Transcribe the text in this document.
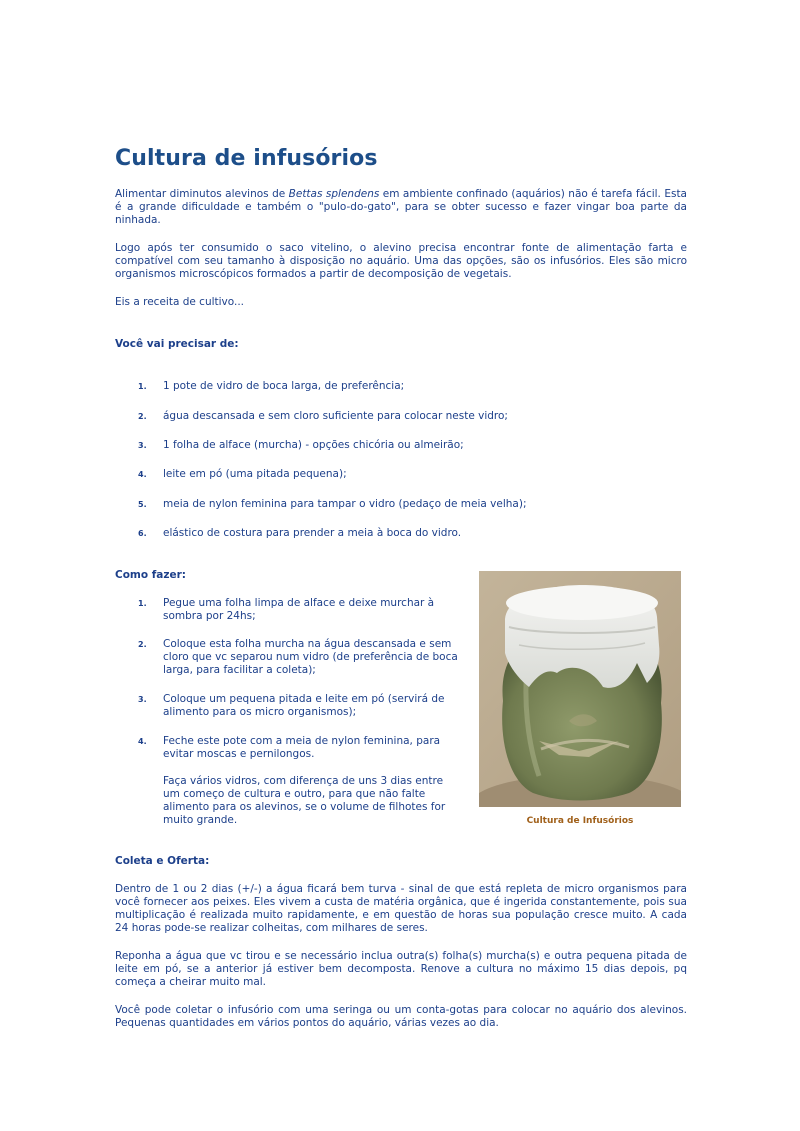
Cultura de infusórios

Alimentar diminutos alevinos de Bettas splendens em ambiente confinado (aquários) não é tarefa fácil. Esta é a grande dificuldade e também o "pulo-do-gato", para se obter sucesso e fazer vingar boa parte da ninhada.

Logo após ter consumido o saco vitelino, o alevino precisa encontrar fonte de alimentação farta e compatível com seu tamanho à disposição no aquário. Uma das opções, são os infusórios. Eles são micro organismos microscópicos formados a partir de decomposição de vegetais.

Eis a receita de cultivo...

Você vai precisar de:

1. 1 pote de vidro de boca larga, de preferência;
2. água descansada e sem cloro suficiente para colocar neste vidro;
3. 1 folha de alface (murcha) - opções chicória ou almeirão;
4. leite em pó (uma pitada pequena);
5. meia de nylon feminina para tampar o vidro (pedaço de meia velha);
6. elástico de costura para prender a meia à boca do vidro.

Como fazer:

1. Pegue uma folha limpa de alface e deixe murchar à sombra por 24hs;
2. Coloque esta folha murcha na água descansada e sem cloro que vc separou num vidro (de preferência de boca larga, para facilitar a coleta);
3. Coloque um pequena pitada e leite em pó (servirá de alimento para os micro organismos);
4. Feche este pote com a meia de nylon feminina, para evitar moscas e pernilongos.

Faça vários vidros, com diferença de uns 3 dias entre um começo de cultura e outro, para que não falte alimento para os alevinos, se o volume de filhotes for muito grande.	Cultura de Infusórios

Coleta e Oferta:

Dentro de 1 ou 2 dias (+/-) a água ficará bem turva - sinal de que está repleta de micro organismos para você fornecer aos peixes. Eles vivem a custa de matéria orgânica, que é ingerida constantemente, pois sua multiplicação é realizada muito rapidamente, e em questão de horas sua população cresce muito. A cada 24 horas pode-se realizar colheitas, com milhares de seres.

Reponha a água que vc tirou e se necessário inclua outra(s) folha(s) murcha(s) e outra pequena pitada de leite em pó, se a anterior já estiver bem decomposta. Renove a cultura no máximo 15 dias depois, pq começa a cheirar muito mal.

Você pode coletar o infusório com uma seringa ou um conta-gotas para colocar no aquário dos alevinos. Pequenas quantidades em vários pontos do aquário, várias vezes ao dia.
